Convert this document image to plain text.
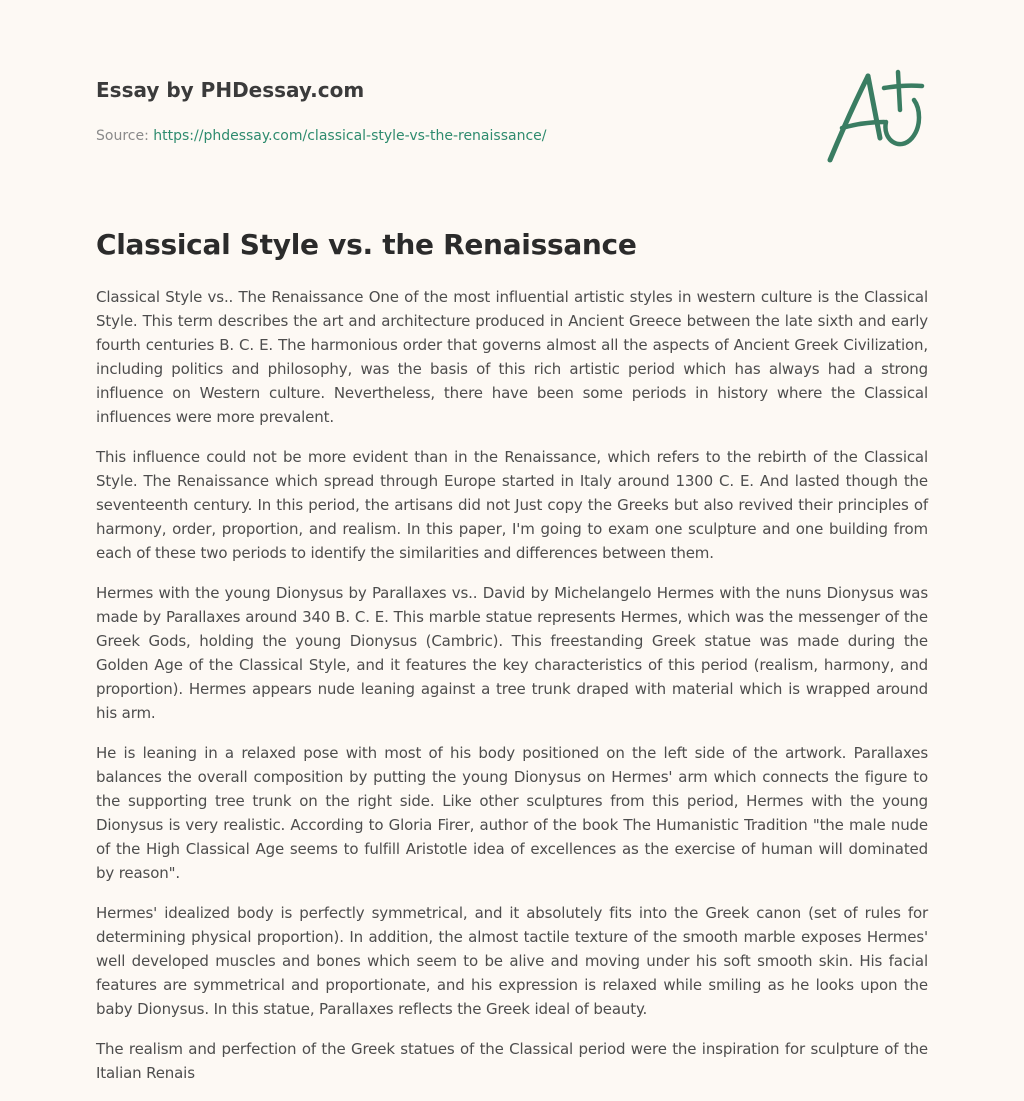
Essay by PHDessay.com

Source: https://phdessay.com/classical-style-vs-the-renaissance/
Classical Style vs. the Renaissance

Classical Style vs.. The Renaissance One of the most influential artistic styles in western culture is the Classical Style. This term describes the art and architecture produced in Ancient Greece between the late sixth and early fourth centuries B. C. E. The harmonious order that governs almost all the aspects of Ancient Greek Civilization, including politics and philosophy, was the basis of this rich artistic period which has always had a strong influence on Western culture. Nevertheless, there have been some periods in history where the Classical influences were more prevalent.

This influence could not be more evident than in the Renaissance, which refers to the rebirth of the Classical Style. The Renaissance which spread through Europe started in Italy around 1300 C. E. And lasted though the seventeenth century. In this period, the artisans did not Just copy the Greeks but also revived their principles of harmony, order, proportion, and realism. In this paper, I'm going to exam one sculpture and one building from each of these two periods to identify the similarities and differences between them.

Hermes with the young Dionysus by Parallaxes vs.. David by Michelangelo Hermes with the nuns Dionysus was made by Parallaxes around 340 B. C. E. This marble statue represents Hermes, which was the messenger of the Greek Gods, holding the young Dionysus (Cambric). This freestanding Greek statue was made during the Golden Age of the Classical Style, and it features the key characteristics of this period (realism, harmony, and proportion). Hermes appears nude leaning against a tree trunk draped with material which is wrapped around his arm.

He is leaning in a relaxed pose with most of his body positioned on the left side of the artwork. Parallaxes balances the overall composition by putting the young Dionysus on Hermes' arm which connects the figure to the supporting tree trunk on the right side. Like other sculptures from this period, Hermes with the young Dionysus is very realistic. According to Gloria Firer, author of the book The Humanistic Tradition "the male nude of the High Classical Age seems to fulfill Aristotle idea of excellences as the exercise of human will dominated by reason".

Hermes' idealized body is perfectly symmetrical, and it absolutely fits into the Greek canon (set of rules for determining physical proportion). In addition, the almost tactile texture of the smooth marble exposes Hermes' well developed muscles and bones which seem to be alive and moving under his soft smooth skin. His facial features are symmetrical and proportionate, and his expression is relaxed while smiling as he looks upon the baby Dionysus. In this statue, Parallaxes reflects the Greek ideal of beauty.

The realism and perfection of the Greek statues of the Classical period were the inspiration for sculpture of the Italian Renais
